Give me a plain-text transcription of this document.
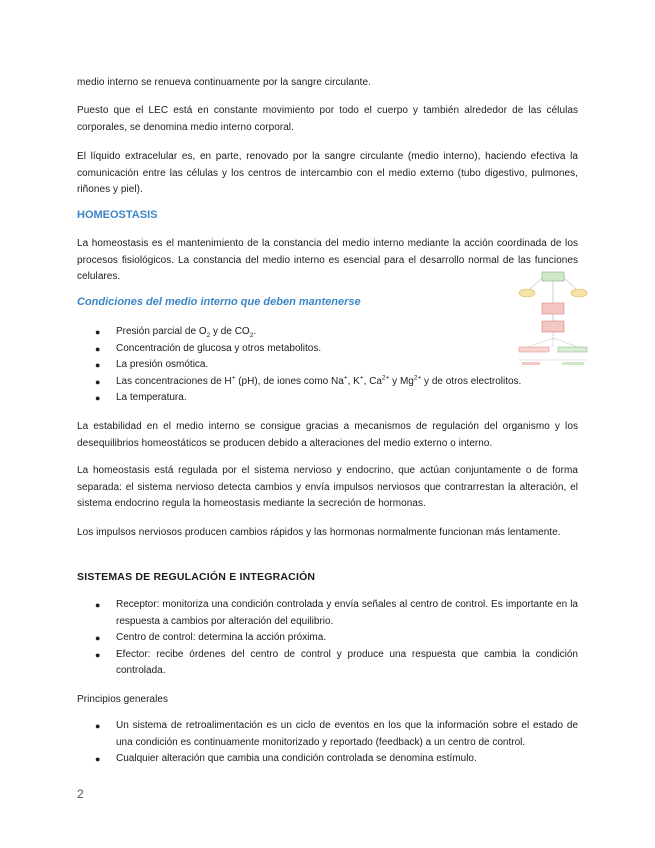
medio interno se renueva continuamente por la sangre circulante.

Puesto que el LEC está en constante movimiento por todo el cuerpo y también alrededor de las células corporales, se denomina medio interno corporal.

El líquido extracelular es, en parte, renovado por la sangre circulante (medio interno), haciendo efectiva la comunicación entre las células y los centros de intercambio con el medio externo (tubo digestivo, pulmones, riñones y piel).

HOMEOSTASIS

La homeostasis es el mantenimiento de la constancia del medio interno mediante la acción coordinada de los procesos fisiológicos. La constancia del medio interno es esencial para el desarrollo normal de las funciones celulares.

Condiciones del medio interno que deben mantenerse
● Presión parcial de $O_2$ y de $CO_2$.
● Concentración de glucosa y otros metabolitos.
● La presión osmótica.
● Las concentraciones de H+ (pH), de iones como Na+, K+, $Ca^{2+}$ y $Mg^{2+}$ y de otros electrolitos.
● La temperatura.

La estabilidad en el medio interno se consigue gracias a mecanismos de regulación del organismo y los desequilibrios homeostáticos se producen debido a alteraciones del medio externo o interno.

La homeostasis está regulada por el sistema nervioso y endocrino, que actúan conjuntamente o de forma separada: el sistema nervioso detecta cambios y envía impulsos nerviosos que contrarrestan la alteración, el sistema endocrino regula la homeostasis mediante la secreción de hormonas.

Los impulsos nerviosos producen cambios rápidos y las hormonas normalmente funcionan más lentamente.

SISTEMAS DE REGULACIÓN E INTEGRACIÓN
● Receptor: monitoriza una condición controlada y envía señales al centro de control. Es importante en la respuesta a cambios por alteración del equilibrio.
● Centro de control: determina la acción próxima.
● Efector: recibe órdenes del centro de control y produce una respuesta que cambia la condición controlada.

Principios generales

● Un sistema de retroalimentación es un ciclo de eventos en los que la información sobre el estado de una condición es continuamente monitorizado y reportado (feedback) a un centro de control.
● Cualquier alteración que cambia una condición controlada se denomina estímulo.
2
